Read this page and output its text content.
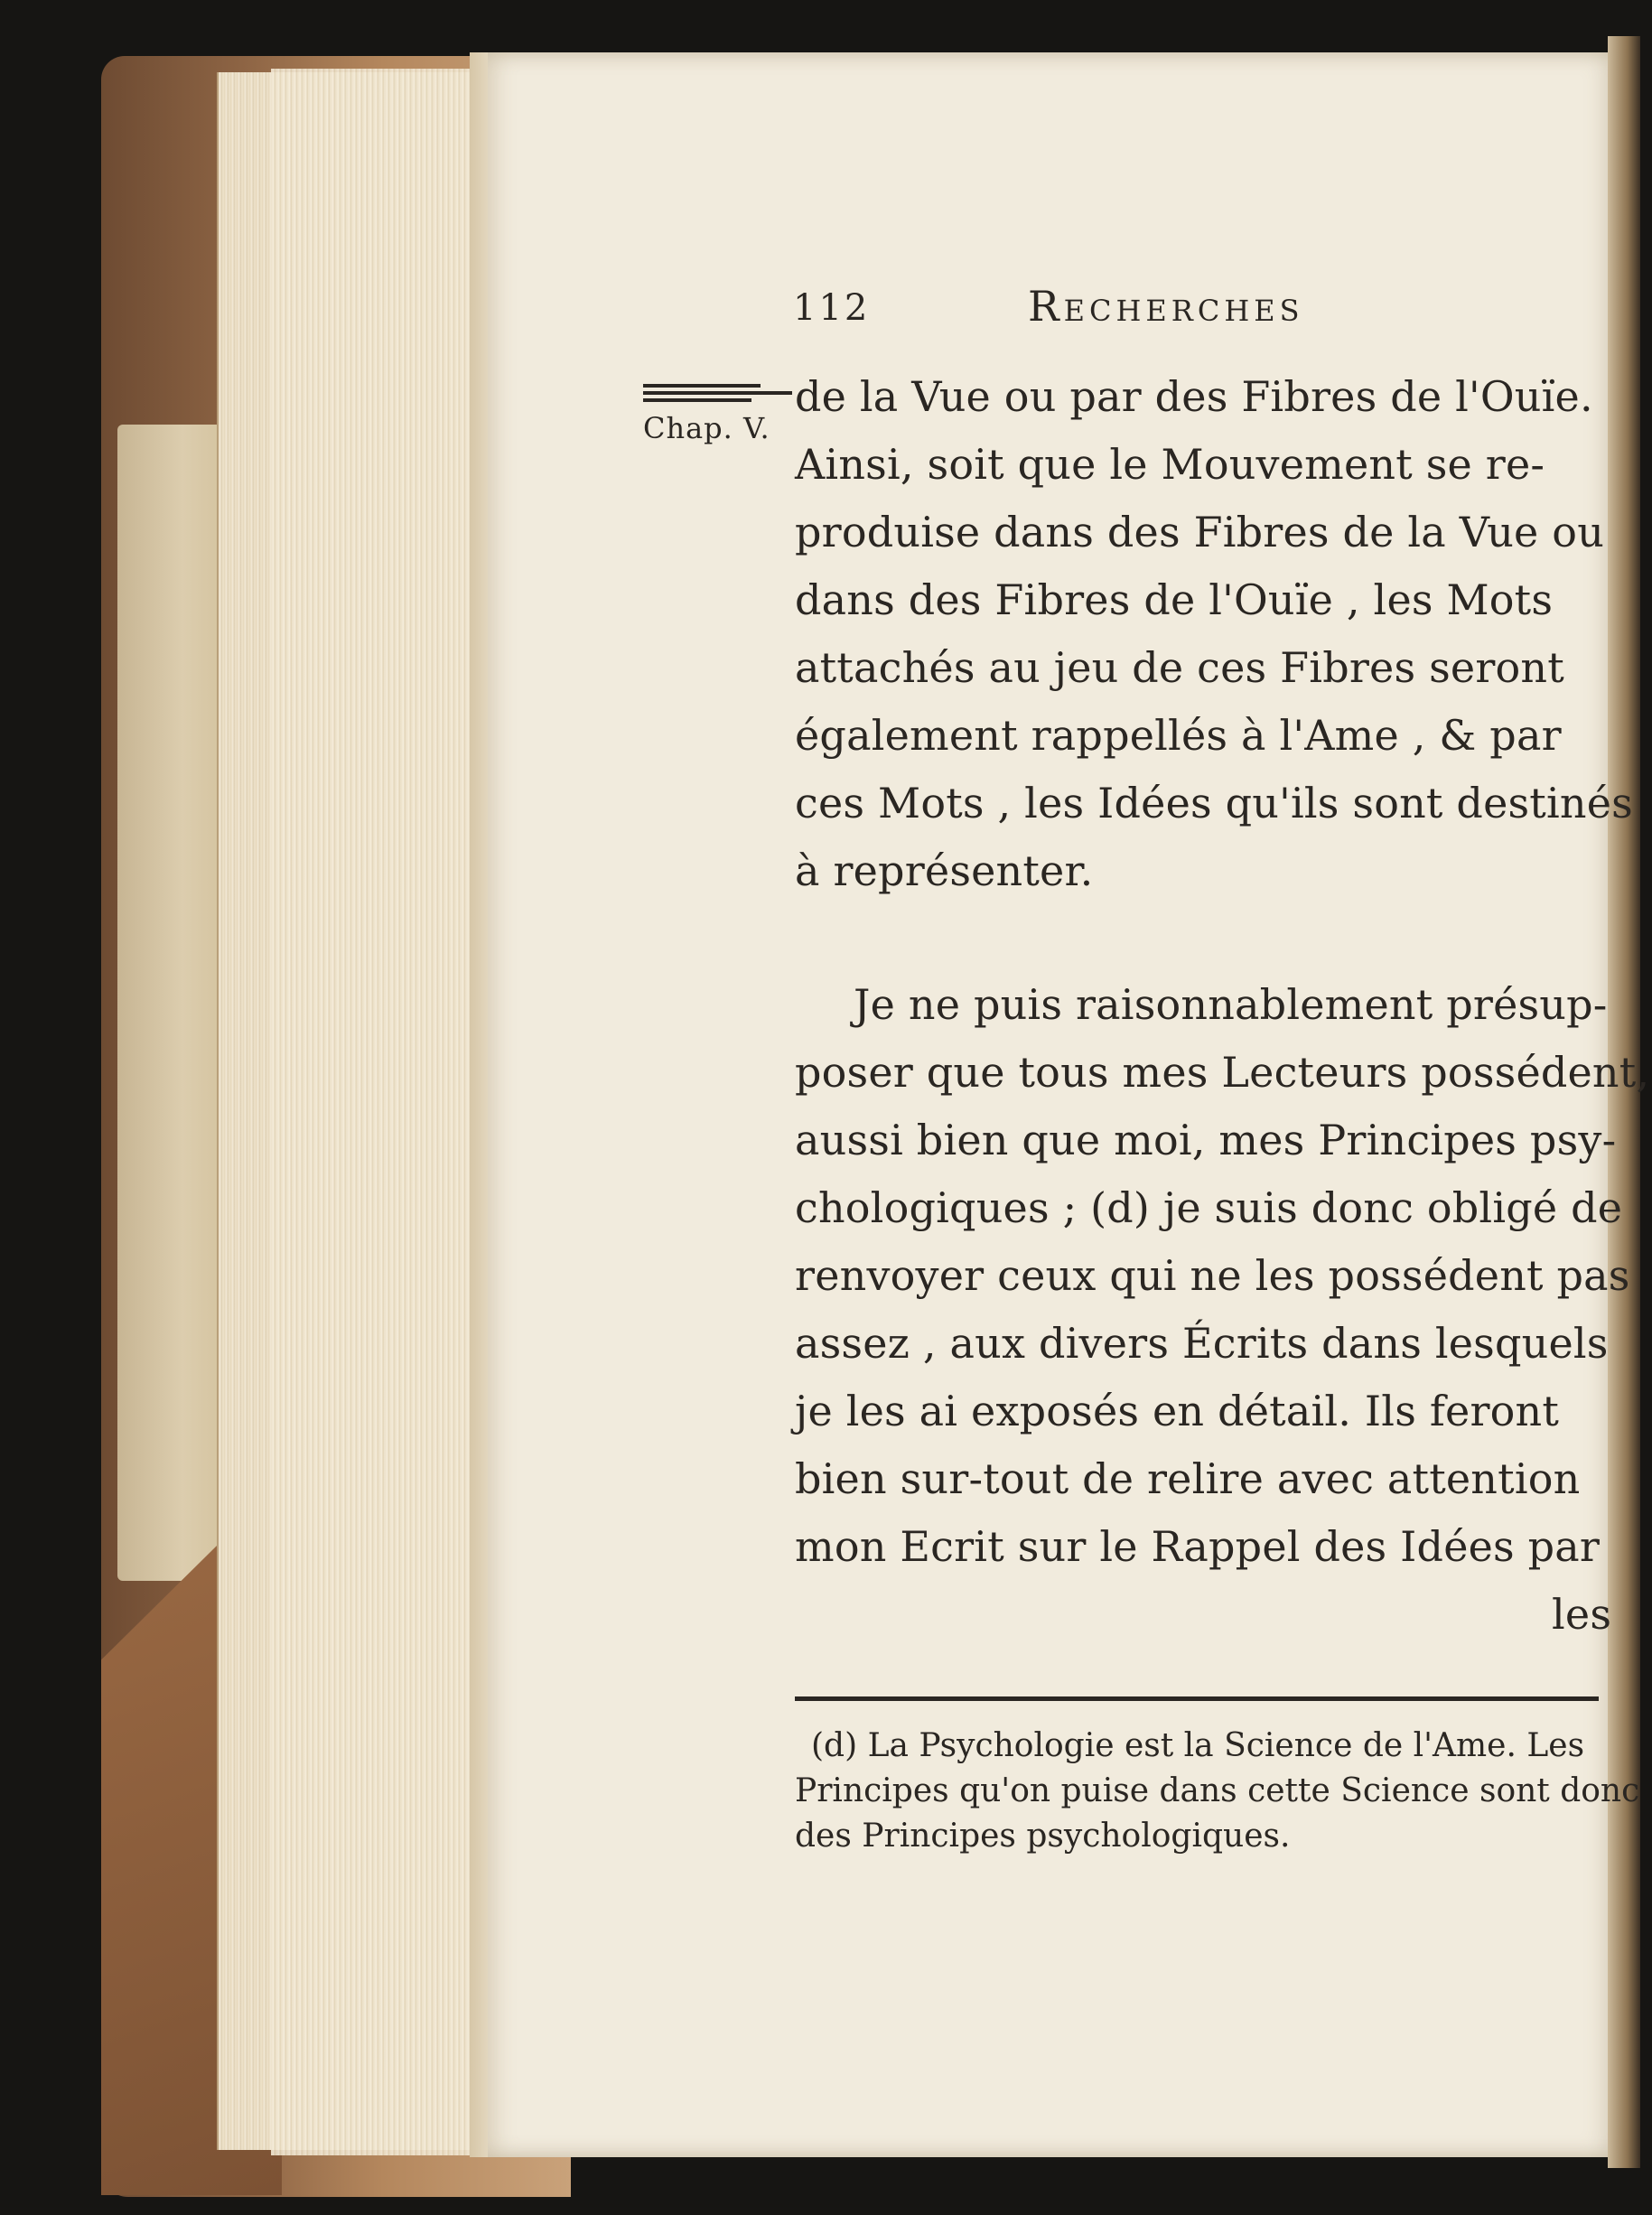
112	Recherches

Chap. V.

de la Vue ou par des Fibres de l'Ouïe.

Ainsi, soit que le Mouvement se re-

produise dans des Fibres de la Vue ou

dans des Fibres de l'Ouïe , les Mots

attachés au jeu de ces Fibres seront

également rappellés à l'Ame , & par

ces Mots , les Idées qu'ils sont destinés

à représenter.

Je ne puis raisonnablement présup-

poser que tous mes Lecteurs possédent,

aussi bien que moi, mes Principes psy-

chologiques ; (d) je suis donc obligé de

renvoyer ceux qui ne les possédent pas

assez , aux divers Écrits dans lesquels

je les ai exposés en détail. Ils feront

bien sur-tout de relire avec attention

mon Ecrit sur le Rappel des Idées par

les

(d) La Psychologie est la Science de l'Ame. Les

Principes qu'on puise dans cette Science sont donc

des Principes psychologiques.
